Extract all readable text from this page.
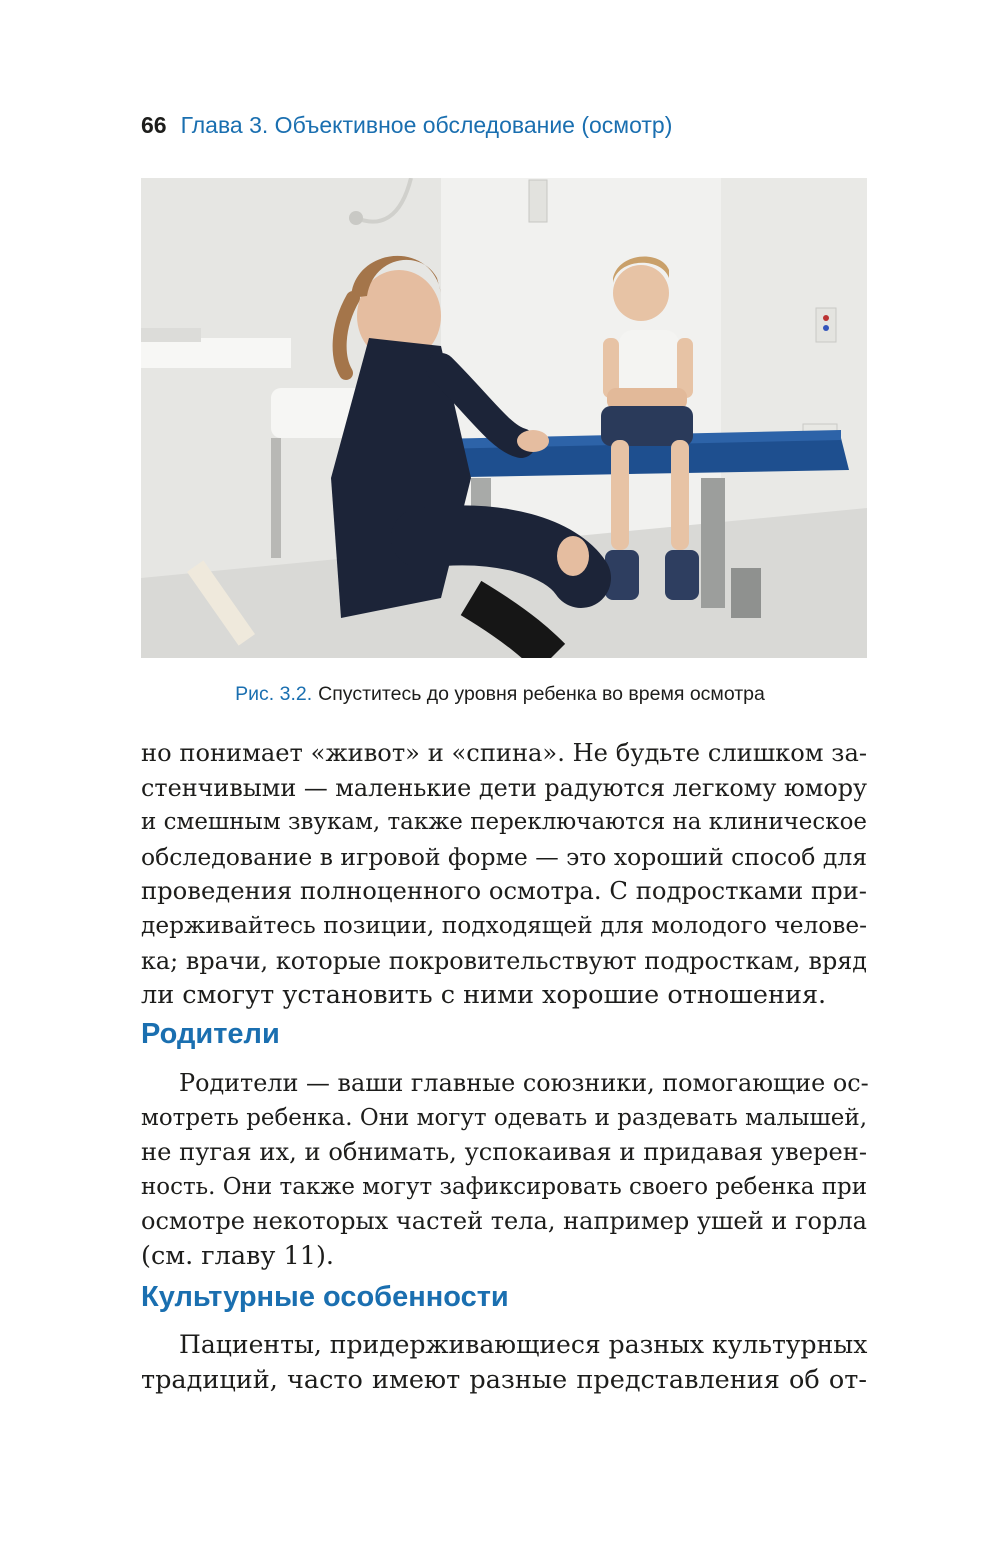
66 Глава 3. Объективное обследование (осмотр)
Рис. 3.2. Спуститесь до уровня ребенка во время осмотра
но понимает «живот» и «спина». Не будьте слишком за-
стенчивыми — маленькие дети радуются легкому юмору
и смешным звукам, также переключаются на клиническое
обследование в игровой форме — это хороший способ для
проведения полноценного осмотра. С подростками при-
держивайтесь позиции, подходящей для молодого челове-
ка; врачи, которые покровительствуют подросткам, вряд
ли смогут установить с ними хорошие отношения.
Родители
Родители — ваши главные союзники, помогающие ос-
мотреть ребенка. Они могут одевать и раздевать малышей,
не пугая их, и обнимать, успокаивая и придавая уверен-
ность. Они также могут зафиксировать своего ребенка при
осмотре некоторых частей тела, например ушей и горла
(см. главу 11).
Культурные особенности
Пациенты, придерживающиеся разных культурных
традиций, часто имеют разные представления об от-
